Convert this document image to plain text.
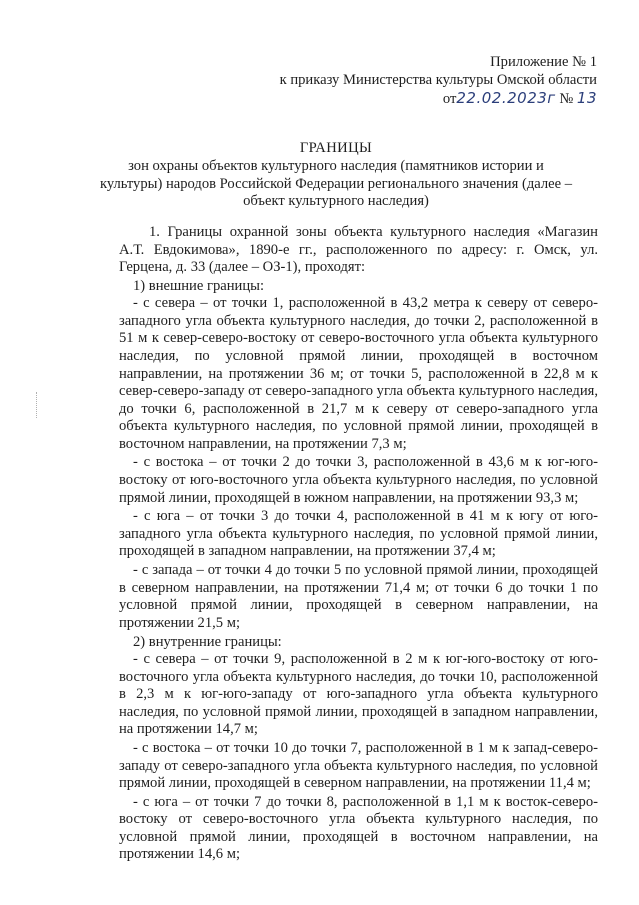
Приложение № 1
к приказу Министерства культуры Омской области
от22.02.2023г № 13
ГРАНИЦЫ
зон охраны объектов культурного наследия (памятников истории и культуры) народов Российской Федерации регионального значения (далее – объект культурного наследия)
1. Границы охранной зоны объекта культурного наследия «Магазин А.Т. Евдокимова», 1890-е гг., расположенного по адресу: г. Омск, ул. Герцена, д. 33 (далее – ОЗ-1), проходят:
1) внешние границы:
- с севера – от точки 1, расположенной в 43,2 метра к северу от северо-западного угла объекта культурного наследия, до точки 2, расположенной в 51 м к север-северо-востоку от северо-восточного угла объекта культурного наследия, по условной прямой линии, проходящей в восточном направлении, на протяжении 36 м; от точки 5, расположенной в 22,8 м к север-северо-западу от северо-западного угла объекта культурного наследия, до точки 6, расположенной в 21,7 м к северу от северо-западного угла объекта культурного наследия, по условной прямой линии, проходящей в восточном направлении, на протяжении 7,3 м;
- с востока – от точки 2 до точки 3, расположенной в 43,6 м к юг-юго-востоку от юго-восточного угла объекта культурного наследия, по условной прямой линии, проходящей в южном направлении, на протяжении 93,3 м;
- с юга – от точки 3 до точки 4, расположенной в 41 м к югу от юго-западного угла объекта культурного наследия, по условной прямой линии, проходящей в западном направлении, на протяжении 37,4 м;
- с запада – от точки 4 до точки 5 по условной прямой линии, проходящей в северном направлении, на протяжении 71,4 м; от точки 6 до точки 1 по условной прямой линии, проходящей в северном направлении, на протяжении 21,5 м;
2) внутренние границы:
- с севера – от точки 9, расположенной в 2 м к юг-юго-востоку от юго-восточного угла объекта культурного наследия, до точки 10, расположенной в 2,3 м к юг-юго-западу от юго-западного угла объекта культурного наследия, по условной прямой линии, проходящей в западном направлении, на протяжении 14,7 м;
- с востока – от точки 10 до точки 7, расположенной в 1 м к запад-северо-западу от северо-западного угла объекта культурного наследия, по условной прямой линии, проходящей в северном направлении, на протяжении 11,4 м;
- с юга – от точки 7 до точки 8, расположенной в 1,1 м к восток-северо-востоку от северо-восточного угла объекта культурного наследия, по условной прямой линии, проходящей в восточном направлении, на протяжении 14,6 м;
